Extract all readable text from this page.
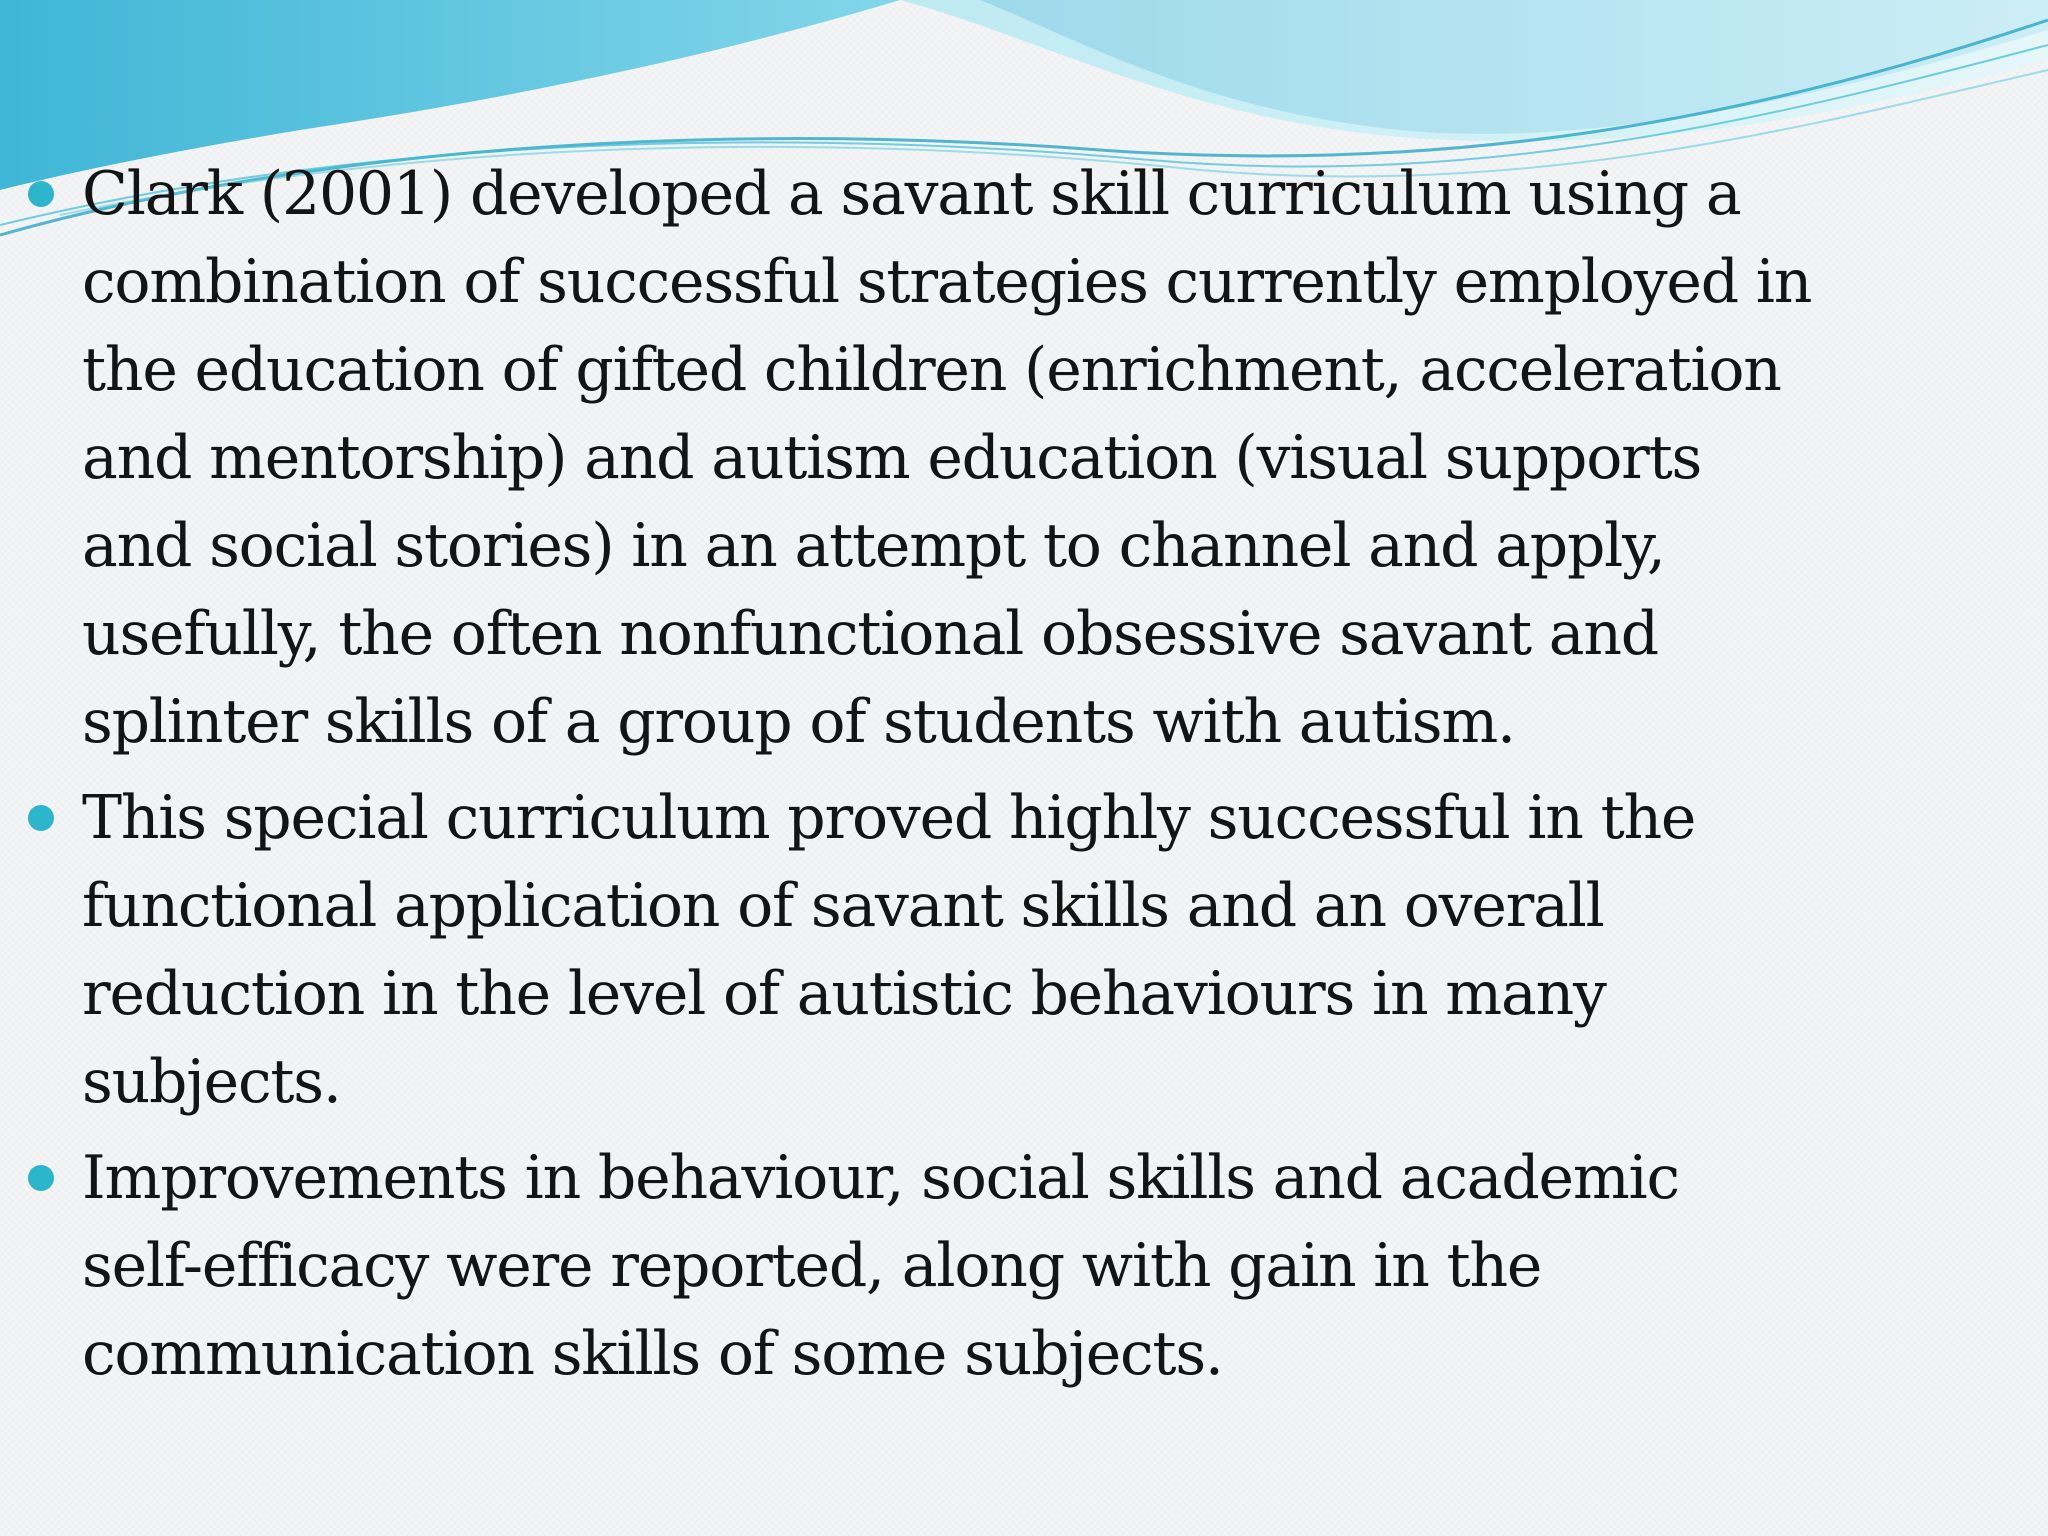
Clark (2001) developed a savant skill curriculum using a
combination of successful strategies currently employed in
the education of gifted children (enrichment, acceleration
and mentorship) and autism education (visual supports
and social stories) in an attempt to channel and apply,
usefully, the often nonfunctional obsessive savant and
splinter skills of a group of students with autism.
This special curriculum proved highly successful in the
functional application of savant skills and an overall
reduction in the level of autistic behaviours in many
subjects.
Improvements in behaviour, social skills and academic
self-efficacy were reported, along with gain in the
communication skills of some subjects.
